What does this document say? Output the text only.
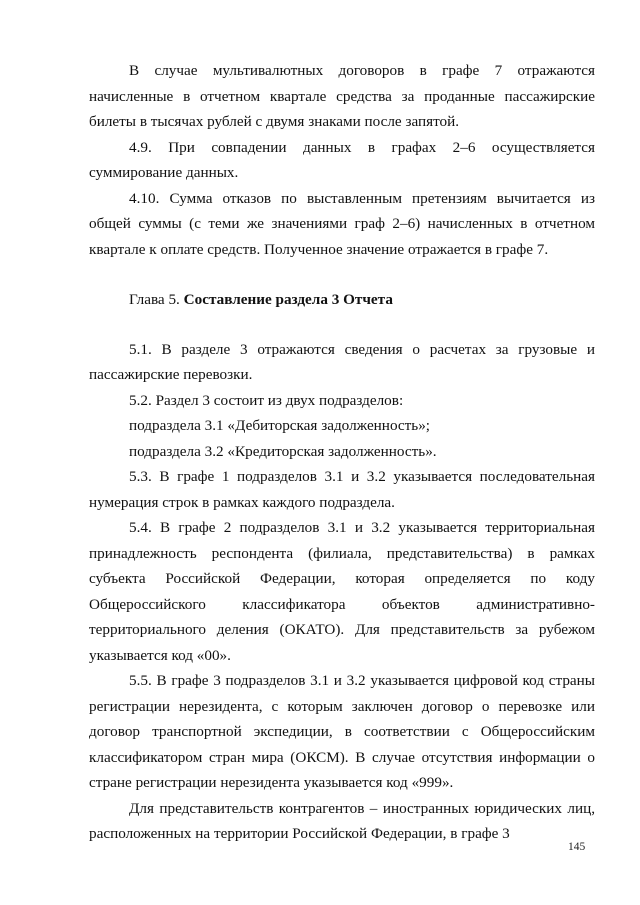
В случае мультивалютных договоров в графе 7 отражаются начисленные в отчетном квартале средства за проданные пассажирские билеты в тысячах рублей с двумя знаками после запятой.

4.9. При совпадении данных в графах 2–6 осуществляется суммирование данных.

4.10. Сумма отказов по выставленным претензиям вычитается из общей суммы (с теми же значениями граф 2–6) начисленных в отчетном квартале к оплате средств. Полученное значение отражается в графе 7.

Глава 5. Составление раздела 3 Отчета

5.1. В разделе 3 отражаются сведения о расчетах за грузовые и пассажирские перевозки.

5.2. Раздел 3 состоит из двух подразделов:

подраздела 3.1 «Дебиторская задолженность»;

подраздела 3.2 «Кредиторская задолженность».

5.3. В графе 1 подразделов 3.1 и 3.2 указывается последовательная нумерация строк в рамках каждого подраздела.

5.4. В графе 2 подразделов 3.1 и 3.2 указывается территориальная принадлежность респондента (филиала, представительства) в рамках субъекта Российской Федерации, которая определяется по коду Общероссийского классификатора объектов административно-территориального деления (ОКАТО). Для представительств за рубежом указывается код «00».

5.5. В графе 3 подразделов 3.1 и 3.2 указывается цифровой код страны регистрации нерезидента, с которым заключен договор о перевозке или договор транспортной экспедиции, в соответствии с Общероссийским классификатором стран мира (ОКСМ). В случае отсутствия информации о стране регистрации нерезидента указывается код «999».

Для представительств контрагентов – иностранных юридических лиц, расположенных на территории Российской Федерации, в графе 3

145
